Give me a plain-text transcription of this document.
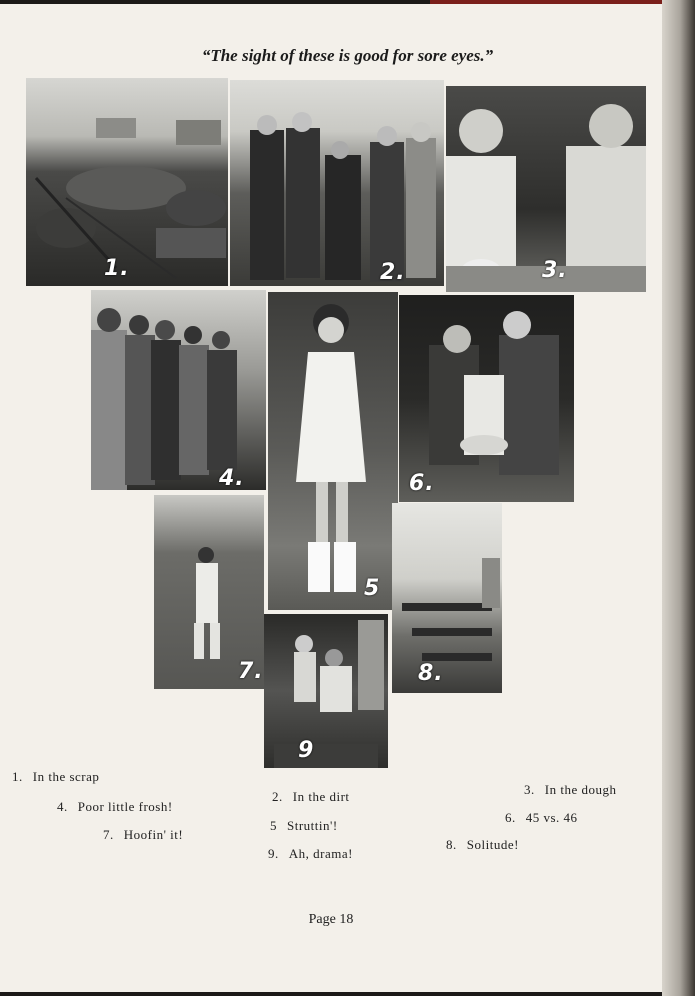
“The sight of these is good for sore eyes.”
1.	2.	3.
4.
5
6.
7.	8.
9
1. In the scrap
4. Poor little frosh!
7. Hoofin' it!
2. In the dirt
5 Struttin'!
9. Ah, drama!
3. In the dough
6. 45 vs. 46
8. Solitude!
Page 18
